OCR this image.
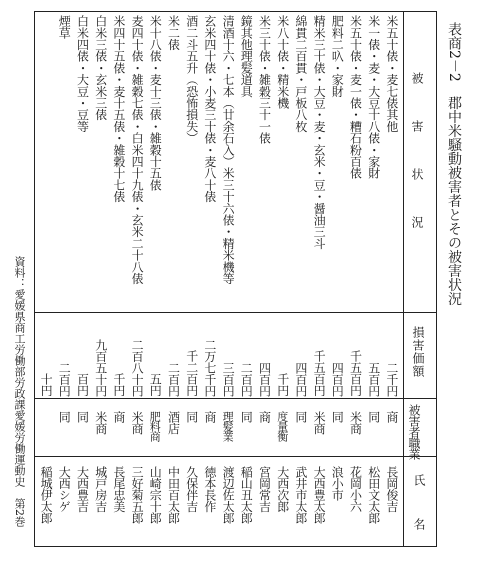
表商2－2　郡中米騒動被害者とその被害状況
被　害　状　況
損害価額
被害者職業
氏　名
米五十俵・麦七俵其他
二千円
商
長岡俊吉
米一俵・麦・大豆十八俵・家財
五百円
同
松田文太郎
米五十俵・麦一俵・糟石粉百俵
千五百円
米商
花岡小六
肥料二叺・家財
四百円
同
浪小市
精米三十俵・大豆・麦・玄米・豆・醤油三斗
千五百円
米商
大西豊太郎
綿貫二百貫・戸板八枚
四百円
同
武井市太郎
米八十俵・精米機
千円
度量衡
大西次郎
米三十俵・雑穀三十一俵
四百円
商
宮岡常吉
鏡其他理髪道具
二百円
同
稲山丑太郎
清酒十六・七本（廿余石入）米三十六俵・精米機等
三百円
理髪業
渡辺佐太郎
玄米四十俵・小麦三十俵・麦八十俵
二万七千円
商
徳本長作
酒二斗五升（恐怖損失）
千二百円
同
久保伴吉
米二俵
二百円
酒店
中田百太郎
米十八俵・麦十三俵・雑穀十五俵
五円
肥料商
山崎宗十郎
麦四十俵・雑穀七俵・白米四十九俵・玄米二十八俵
二百八十円
米商
三好菊五郎
米四十五俵・麦十五俵・雑穀十七俵
千円
商
長尾忠美
白米三俵・玄米三俵
九百五十円
米商
城戸房吉
白米四俵・大豆・豆等
百円
同
大西豊吉
煙草
二百円
同
大西シゲ
十円
稲城伊太郎
資料：愛媛県商工労働部労政課愛媛労働運動史　第2巻
